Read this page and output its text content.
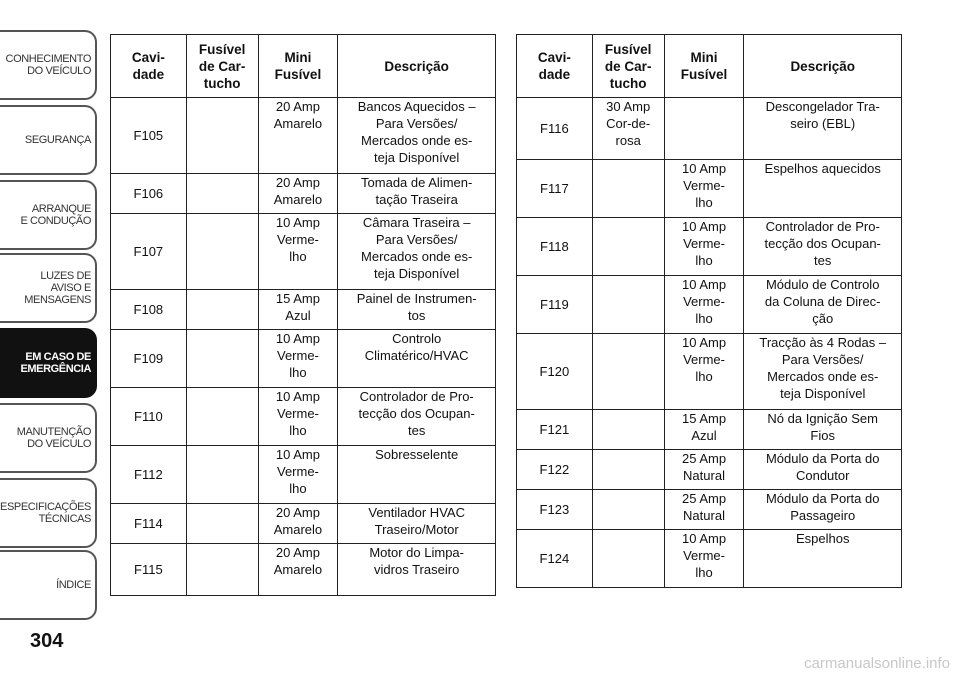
CONHECIMENTO
DO VEÍCULO
SEGURANÇA
ARRANQUE
E CONDUÇÃO
LUZES DE
AVISO E
MENSAGENS
EM CASO DE
EMERGÊNCIA
MANUTENÇÃO
DO VEÍCULO
ESPECIFICAÇÕES
TÉCNICAS
ÍNDICE
304
Cavi-
dade	Fusível
de Car-
tucho	Mini
Fusível	Descrição
F105		20 Amp
Amarelo	Bancos Aquecidos –
Para Versões/
Mercados onde es-
teja Disponível
F106		20 Amp
Amarelo	Tomada de Alimen-
tação Traseira
F107		10 Amp
Verme-
lho	Câmara Traseira –
Para Versões/
Mercados onde es-
teja Disponível
F108		15 Amp
Azul	Painel de Instrumen-
tos
F109		10 Amp
Verme-
lho	Controlo
Climatérico/HVAC
F110		10 Amp
Verme-
lho	Controlador de Pro-
tecção dos Ocupan-
tes
F112		10 Amp
Verme-
lho	Sobresselente
F114		20 Amp
Amarelo	Ventilador HVAC
Traseiro/Motor
F115		20 Amp
Amarelo	Motor do Limpa-
vidros Traseiro
Cavi-
dade	Fusível
de Car-
tucho	Mini
Fusível	Descrição
F116	30 Amp
Cor-de-
rosa		Descongelador Tra-
seiro (EBL)
F117		10 Amp
Verme-
lho	Espelhos aquecidos
F118		10 Amp
Verme-
lho	Controlador de Pro-
tecção dos Ocupan-
tes
F119		10 Amp
Verme-
lho	Módulo de Controlo
da Coluna de Direc-
ção
F120		10 Amp
Verme-
lho	Tracção às 4 Rodas –
Para Versões/
Mercados onde es-
teja Disponível
F121		15 Amp
Azul	Nó da Ignição Sem
Fios
F122		25 Amp
Natural	Módulo da Porta do
Condutor
F123		25 Amp
Natural	Módulo da Porta do
Passageiro
F124		10 Amp
Verme-
lho	Espelhos
carmanualsonline.info
